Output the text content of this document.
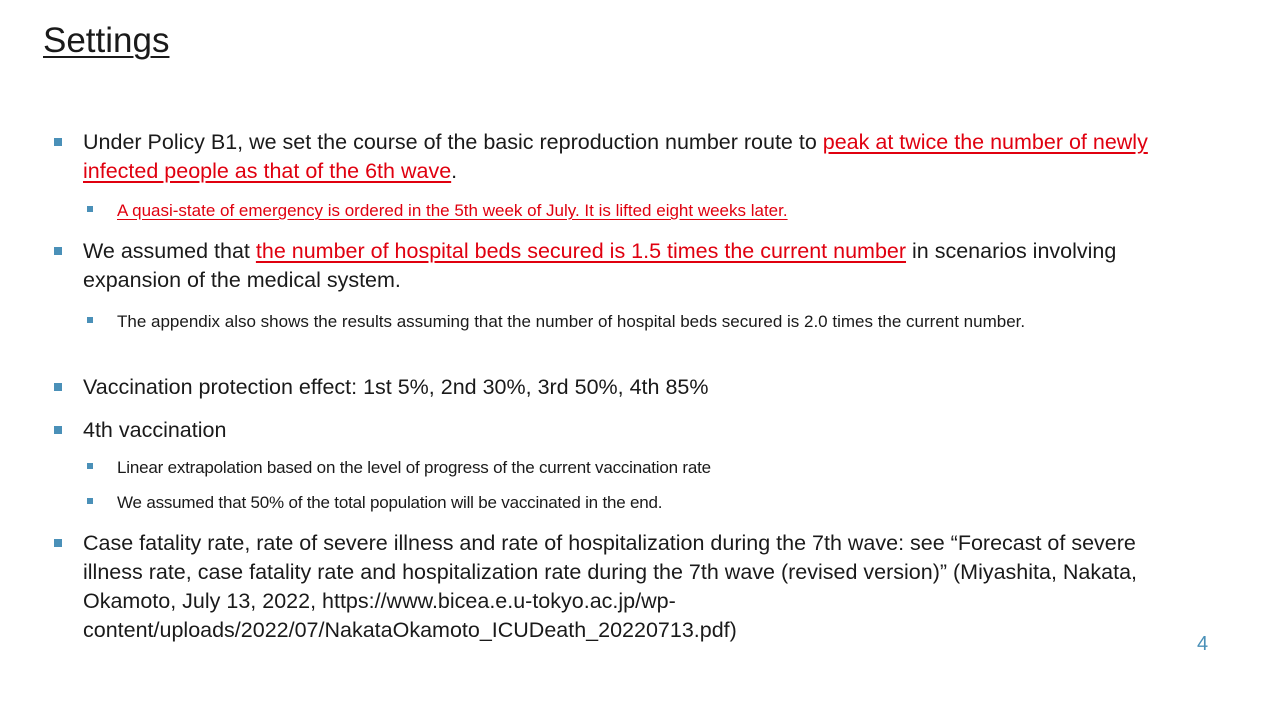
Settings
Under Policy B1, we set the course of the basic reproduction number route to peak at twice the number of newly infected people as that of the 6th wave.
A quasi-state of emergency is ordered in the 5th week of July. It is lifted eight weeks later.
We assumed that the number of hospital beds secured is 1.5 times the current number in scenarios involving expansion of the medical system.
The appendix also shows the results assuming that the number of hospital beds secured is 2.0 times the current number.
Vaccination protection effect: 1st 5%, 2nd 30%, 3rd 50%, 4th 85%
4th vaccination
Linear extrapolation based on the level of progress of the current vaccination rate
We assumed that 50% of the total population will be vaccinated in the end.
Case fatality rate, rate of severe illness and rate of hospitalization during the 7th wave: see “Forecast of severe illness rate, case fatality rate and hospitalization rate during the 7th wave (revised version)” (Miyashita, Nakata, Okamoto, July 13, 2022, https://www.bicea.e.u-tokyo.ac.jp/wp-content/uploads/2022/07/NakataOkamoto_ICUDeath_20220713.pdf)
4
